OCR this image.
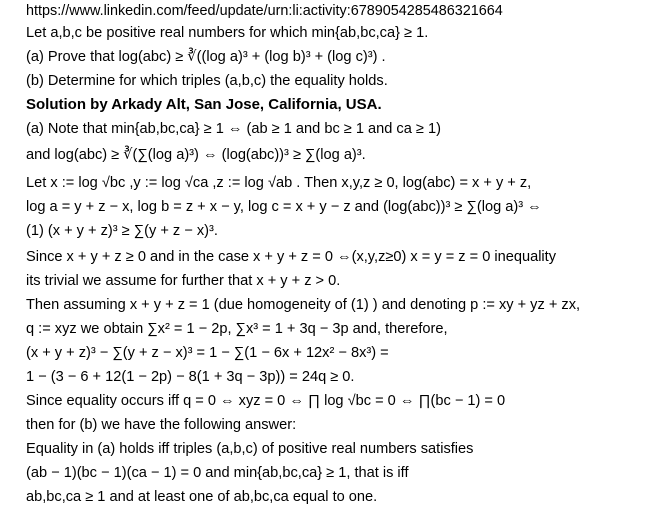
https://www.linkedin.com/feed/update/urn:li:activity:6789054285486321664
Let a,b,c be positive real numbers for which min{ab,bc,ca} ≥ 1.
(a) Prove that log(abc) ≥ ∛((log a)³ + (log b)³ + (log c)³) .
(b) Determine for which triples (a,b,c) the equality holds.
Solution by Arkady Alt, San Jose, California, USA.
(a) Note that min{ab,bc,ca} ≥ 1 ⇔ (ab ≥ 1 and bc ≥ 1 and ca ≥ 1)
and log(abc) ≥ ∛(∑(log a)³) ⇔ (log(abc))³ ≥ ∑(log a)³.
Let x := log √bc ,y := log √ca ,z := log √ab . Then x,y,z ≥ 0, log(abc) = x + y + z,
log a = y + z − x, log b = z + x − y, log c = x + y − z and (log(abc))³ ≥ ∑(log a)³ ⇔
(1) (x + y + z)³ ≥ ∑(y + z − x)³.
Since x + y + z ≥ 0 and in the case x + y + z = 0 ⇔(x,y,z≥0) x = y = z = 0 inequality
its trivial we assume for further that x + y + z > 0.
Then assuming x + y + z = 1 (due homogeneity of (1) ) and denoting p := xy + yz + zx,
q := xyz we obtain ∑x² = 1 − 2p, ∑x³ = 1 + 3q − 3p and, therefore,
(x + y + z)³ − ∑(y + z − x)³ = 1 − ∑(1 − 6x + 12x² − 8x³) =
1 − (3 − 6 + 12(1 − 2p) − 8(1 + 3q − 3p)) = 24q ≥ 0.
Since equality occurs iff q = 0 ⇔ xyz = 0 ⇔ ∏ log √bc = 0 ⇔ ∏(bc − 1) = 0
then for (b) we have the following answer:
Equality in (a) holds iff triples (a,b,c) of positive real numbers satisfies
(ab − 1)(bc − 1)(ca − 1) = 0 and min{ab,bc,ca} ≥ 1, that is iff
ab,bc,ca ≥ 1 and at least one of ab,bc,ca equal to one.
